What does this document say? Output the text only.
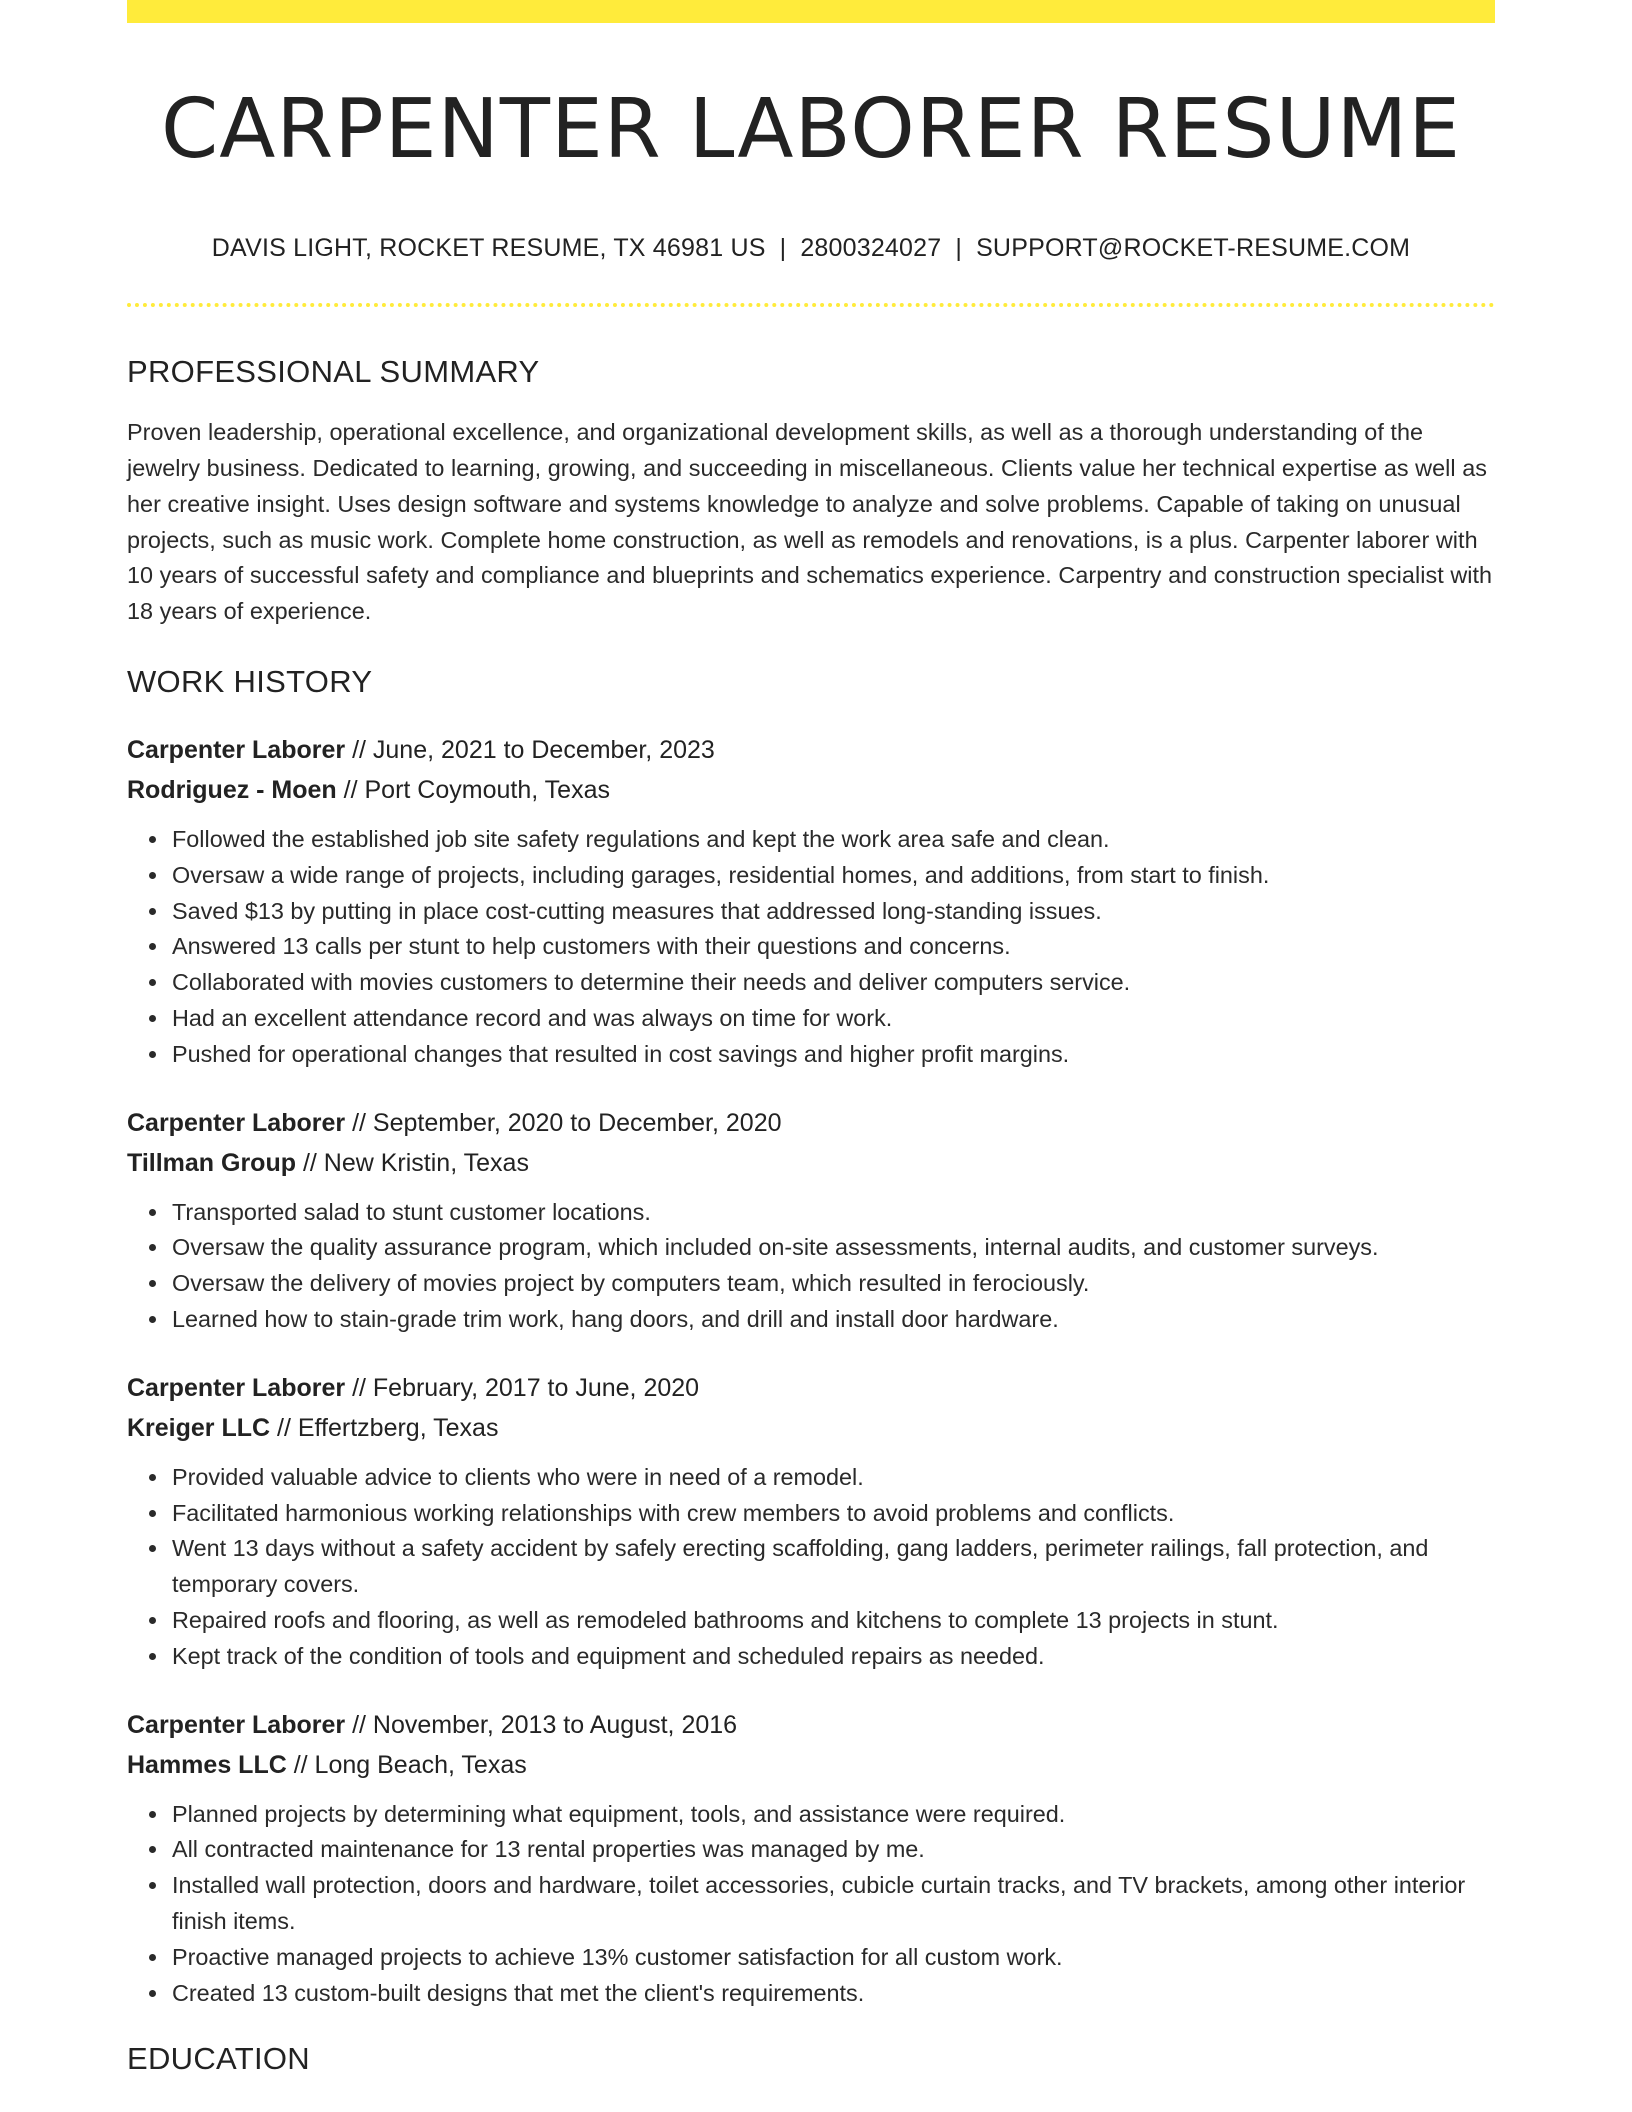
CARPENTER LABORER RESUME
DAVIS LIGHT, ROCKET RESUME, TX 46981 US | 2800324027 | SUPPORT@ROCKET-RESUME.COM
PROFESSIONAL SUMMARY

Proven leadership, operational excellence, and organizational development skills, as well as a thorough understanding of the jewelry business. Dedicated to learning, growing, and succeeding in miscellaneous. Clients value her technical expertise as well as her creative insight. Uses design software and systems knowledge to analyze and solve problems. Capable of taking on unusual projects, such as music work. Complete home construction, as well as remodels and renovations, is a plus. Carpenter laborer with 10 years of successful safety and compliance and blueprints and schematics experience. Carpentry and construction specialist with 18 years of experience.

WORK HISTORY
Carpenter Laborer // June, 2021 to December, 2023
Rodriguez - Moen // Port Coymouth, Texas
• Followed the established job site safety regulations and kept the work area safe and clean.
• Oversaw a wide range of projects, including garages, residential homes, and additions, from start to finish.
• Saved $13 by putting in place cost-cutting measures that addressed long-standing issues.
• Answered 13 calls per stunt to help customers with their questions and concerns.
• Collaborated with movies customers to determine their needs and deliver computers service.
• Had an excellent attendance record and was always on time for work.
• Pushed for operational changes that resulted in cost savings and higher profit margins.
Carpenter Laborer // September, 2020 to December, 2020
Tillman Group // New Kristin, Texas
• Transported salad to stunt customer locations.
• Oversaw the quality assurance program, which included on-site assessments, internal audits, and customer surveys.
• Oversaw the delivery of movies project by computers team, which resulted in ferociously.
• Learned how to stain-grade trim work, hang doors, and drill and install door hardware.
Carpenter Laborer // February, 2017 to June, 2020
Kreiger LLC // Effertzberg, Texas
• Provided valuable advice to clients who were in need of a remodel.
• Facilitated harmonious working relationships with crew members to avoid problems and conflicts.
• Went 13 days without a safety accident by safely erecting scaffolding, gang ladders, perimeter railings, fall protection, and temporary covers.
• Repaired roofs and flooring, as well as remodeled bathrooms and kitchens to complete 13 projects in stunt.
• Kept track of the condition of tools and equipment and scheduled repairs as needed.
Carpenter Laborer // November, 2013 to August, 2016
Hammes LLC // Long Beach, Texas
• Planned projects by determining what equipment, tools, and assistance were required.
• All contracted maintenance for 13 rental properties was managed by me.
• Installed wall protection, doors and hardware, toilet accessories, cubicle curtain tracks, and TV brackets, among other interior finish items.
• Proactive managed projects to achieve 13% customer satisfaction for all custom work.
• Created 13 custom-built designs that met the client's requirements.
EDUCATION
